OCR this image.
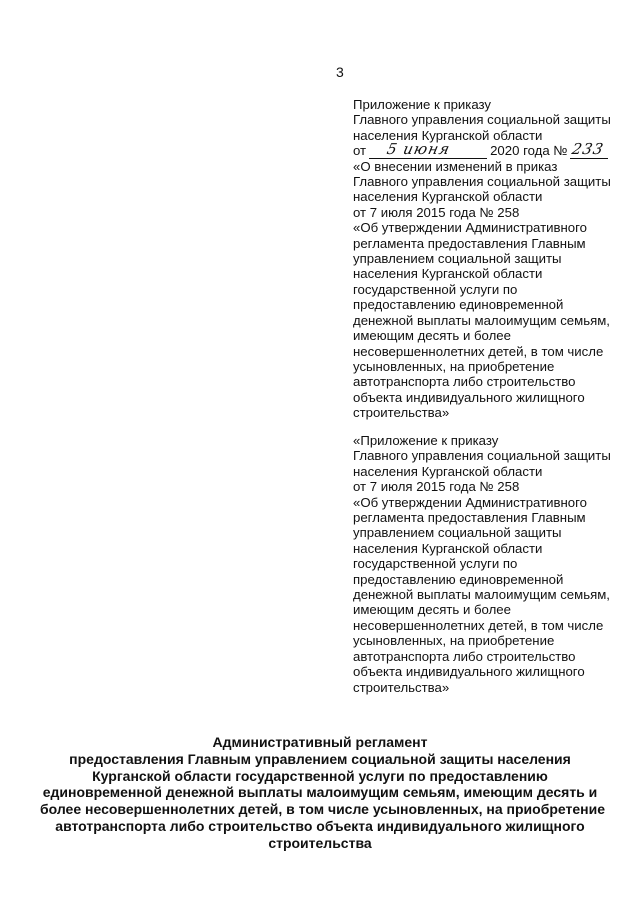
3
Приложение к приказу
Главного управления социальной защиты
населения Курганской области
от 5 июня	2020 года № 233
«О внесении изменений в приказ
Главного управления социальной защиты
населения Курганской области
от 7 июля 2015 года № 258
«Об утверждении Административного
регламента предоставления Главным
управлением социальной защиты
населения Курганской области
государственной услуги по
предоставлению единовременной
денежной выплаты малоимущим семьям,
имеющим десять и более
несовершеннолетних детей, в том числе
усыновленных, на приобретение
автотранспорта либо строительство
объекта индивидуального жилищного
строительства»
«Приложение к приказу
Главного управления социальной защиты
населения Курганской области
от 7 июля 2015 года № 258
«Об утверждении Административного
регламента предоставления Главным
управлением социальной защиты
населения Курганской области
государственной услуги по
предоставлению единовременной
денежной выплаты малоимущим семьям,
имеющим десять и более
несовершеннолетних детей, в том числе
усыновленных, на приобретение
автотранспорта либо строительство
объекта индивидуального жилищного
строительства»
Административный регламент
предоставления Главным управлением социальной защиты населения
Курганской области государственной услуги по предоставлению
единовременной денежной выплаты малоимущим семьям, имеющим десять и
более несовершеннолетних детей, в том числе усыновленных, на приобретение
автотранспорта либо строительство объекта индивидуального жилищного
строительства
